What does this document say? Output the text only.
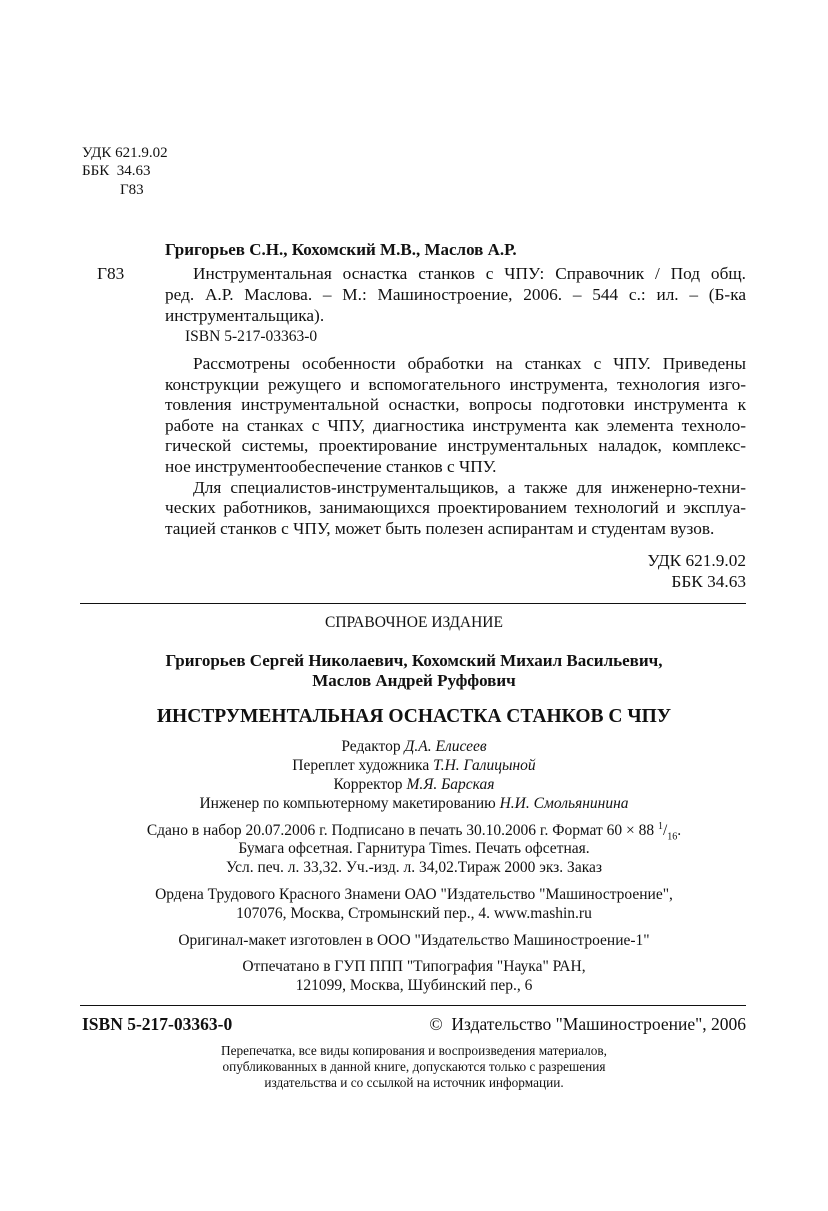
УДК 621.9.02
ББК  34.63
Г83
Григорьев С.Н., Кохомский М.В., Маслов А.Р.
Г83	Инструментальная оснастка станков с ЧПУ: Справочник / Под общ.
ред. А.Р. Маслова. – М.: Машиностроение, 2006. – 544 с.: ил. – (Б-ка
инструментальщика).
ISBN 5-217-03363-0
Рассмотрены особенности обработки на станках с ЧПУ. Приведены
конструкции режущего и вспомогательного инструмента, технология изго-
товления инструментальной оснастки, вопросы подготовки инструмента к
работе на станках с ЧПУ, диагностика инструмента как элемента техноло-
гической системы, проектирование инструментальных наладок, комплекс-
ное инструментообеспечение станков с ЧПУ.
Для специалистов-инструментальщиков, а также для инженерно-техни-
ческих работников, занимающихся проектированием технологий и эксплуа-
тацией станков с ЧПУ, может быть полезен аспирантам и студентам вузов.
УДК 621.9.02
ББК 34.63
СПРАВОЧНОЕ ИЗДАНИЕ
Григорьев Сергей Николаевич, Кохомский Михаил Васильевич,
Маслов Андрей Руффович
ИНСТРУМЕНТАЛЬНАЯ ОСНАСТКА СТАНКОВ С ЧПУ
Редактор Д.А. Елисеев
Переплет художника Т.Н. Галицыной
Корректор М.Я. Барская
Инженер по компьютерному макетированию Н.И. Смольянинина
Сдано в набор 20.07.2006 г. Подписано в печать 30.10.2006 г. Формат 60 × 88 $^1/_{16}$.
Бумага офсетная. Гарнитура Times. Печать офсетная.
Усл. печ. л. 33,32. Уч.-изд. л. 34,02.Тираж 2000 экз. Заказ
Ордена Трудового Красного Знамени ОАО "Издательство "Машиностроение",
107076, Москва, Стромынский пер., 4. www.mashin.ru
Оригинал-макет изготовлен в ООО "Издательство Машиностроение-1"
Отпечатано в ГУП ППП "Типография "Наука" РАН,
121099, Москва, Шубинский пер., 6
ISBN 5-217-03363-0	©  Издательство "Машиностроение", 2006
Перепечатка, все виды копирования и воспроизведения материалов,
опубликованных в данной книге, допускаются только с разрешения
издательства и со ссылкой на источник информации.
